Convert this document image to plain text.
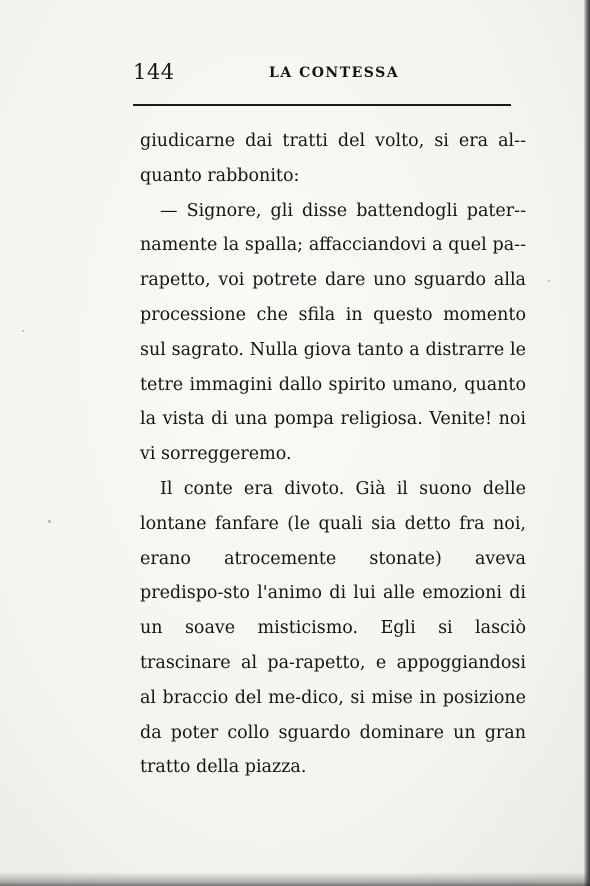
144	LA CONTESSA

giudicarne dai tratti del volto, si era al-quanto rabbonito:

— Signore, gli disse battendogli pater-namente la spalla; affacciandovi a quel pa-rapetto, voi potrete dare uno sguardo alla processione che sfila in questo momento sul sagrato. Nulla giova tanto a distrarre le tetre immagini dallo spirito umano, quanto la vista di una pompa religiosa. Venite! noi vi sorreggeremo.

Il conte era divoto. Già il suono delle lontane fanfare (le quali sia detto fra noi, erano atrocemente stonate) aveva predispo-sto l'animo di lui alle emozioni di un soave misticismo. Egli si lasciò trascinare al pa-rapetto, e appoggiandosi al braccio del me-dico, si mise in posizione da poter collo sguardo dominare un gran tratto della piazza.
